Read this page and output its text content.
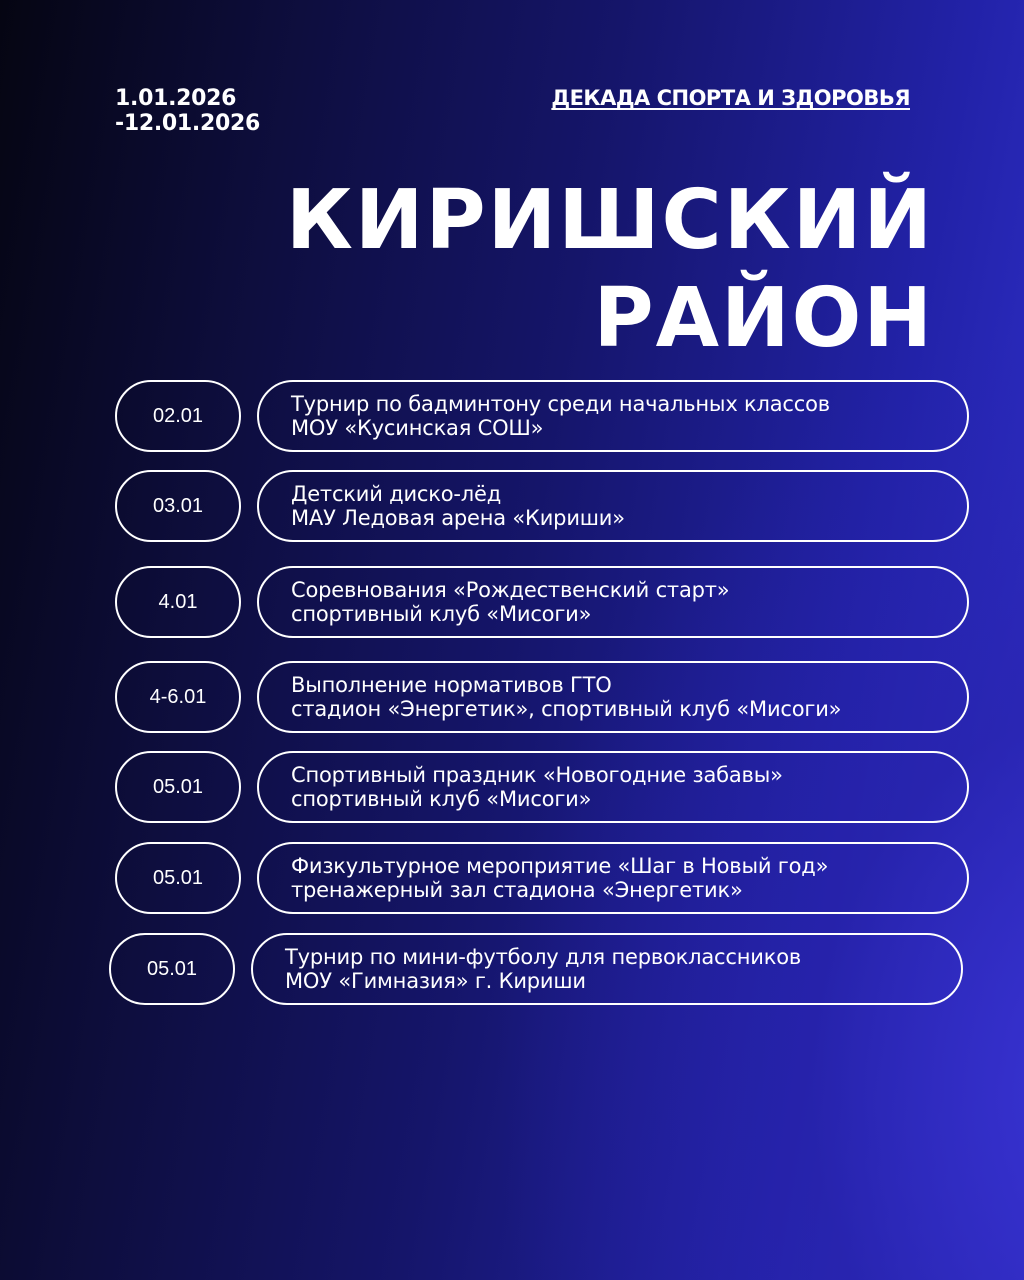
1.01.2026
-12.01.2026
ДЕКАДА СПОРТА И ЗДОРОВЬЯ
КИРИШСКИЙ
РАЙОН
02.01	Турнир по бадминтону среди начальных классов
МОУ «Кусинская СОШ»
03.01	Детский диско-лёд
МАУ Ледовая арена «Кириши»
4.01	Соревнования «Рождественский старт»
спортивный клуб «Мисоги»
4-6.01	Выполнение нормативов ГТО
стадион «Энергетик», спортивный клуб «Мисоги»
05.01	Спортивный праздник «Новогодние забавы»
спортивный клуб «Мисоги»
05.01	Физкультурное мероприятие «Шаг в Новый год»
тренажерный зал стадиона «Энергетик»
05.01	Турнир по мини-футболу для первоклассников
МОУ «Гимназия» г. Кириши
